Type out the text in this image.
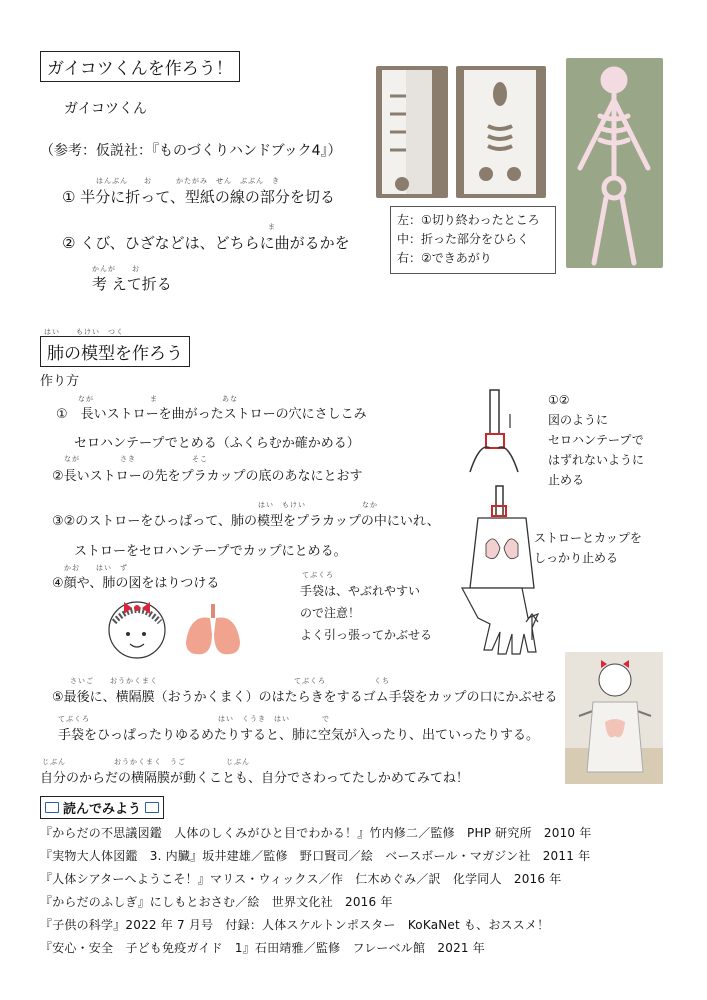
ガイコツくんを作ろう！
ガイコツくん
（参考：仮説社：『ものづくりハンドブック4』）
はんぶん　　お　　　かたがみ　せん　ぶぶん　き
① 半分に折って、型紙の線の部分を切る
ま
② くび、ひざなどは、どちらに曲がるかを
かんが　　お
考 えて折る
左：①切り終わったところ
中：折った部分をひらく
右：②できあがり
はい　　もけい　つく
肺の模型を作ろう
作り方
なが　　　　　　　ま　　　　　　　　あな
①　長いストローを曲がったストローの穴にさしこみ
セロハンテープでとめる（ふくらむか確かめる）
なが　　　　　さき　　　　　　　そこ
②長いストローの先をプラカップの底のあなにとおす
はい　もけい　　　　　　　なか
③②のストローをひっぱって、肺の模型をプラカップの中にいれ、
ストローをセロハンテープでカップにとめる。
かお　　はい　ず
④顔や、肺の図をはりつける
①②
図のように
セロハンテープで
はずれないように
止める
ストローとカップを
しっかり止める
てぶくろ
手袋は、やぶれやすい
ので注意！
よく引っ張ってかぶせる
さいご　　おうかくまく　　　　　　　　　　　　　　　　　てぶくろ　　　　　　くち
⑤最後に、横隔膜（おうかくまく）のはたらきをするゴム手袋をカップの口にかぶせる
てぶくろ　　　　　　　　　　　　　　　　はい　くうき　はい　　　　で
手袋をひっぱったりゆるめたりすると、肺に空気が入ったり、出ていったりする。
じぶん　　　　　　おうかくまく　うご　　　　　じぶん
自分のからだの横隔膜が動くことも、自分でさわってたしかめてみてね！
読んでみよう
『からだの不思議図鑑　人体のしくみがひと目でわかる！』竹内修二／監修　PHP 研究所　2010 年
『実物大人体図鑑　3. 内臓』坂井建雄／監修　野口賢司／絵　ベースボール・マガジン社　2011 年
『人体シアターへようこそ！』マリス・ウィックス／作　仁木めぐみ／訳　化学同人　2016 年
『からだのふしぎ』にしもとおさむ／絵　世界文化社　2016 年
『子供の科学』2022 年 7 月号　付録：人体スケルトンポスター　KoKaNet も、おススメ！
『安心・安全　子ども免疫ガイド　1』石田靖雅／監修　フレーベル館　2021 年
